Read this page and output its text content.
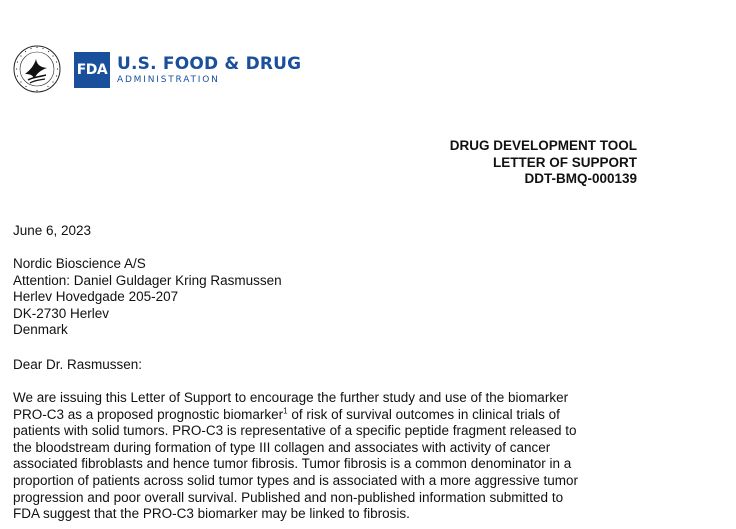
FDA U.S. FOOD & DRUG
ADMINISTRATION
DRUG DEVELOPMENT TOOL
LETTER OF SUPPORT
DDT-BMQ-000139
June 6, 2023
Nordic Bioscience A/S
Attention: Daniel Guldager Kring Rasmussen
Herlev Hovedgade 205-207
DK-2730 Herlev
Denmark
Dear Dr. Rasmussen:
We are issuing this Letter of Support to encourage the further study and use of the biomarker
PRO-C3 as a proposed prognostic biomarker$^1$ of risk of survival outcomes in clinical trials of
patients with solid tumors. PRO-C3 is representative of a specific peptide fragment released to
the bloodstream during formation of type III collagen and associates with activity of cancer
associated fibroblasts and hence tumor fibrosis. Tumor fibrosis is a common denominator in a
proportion of patients across solid tumor types and is associated with a more aggressive tumor
progression and poor overall survival. Published and non-published information submitted to
FDA suggest that the PRO-C3 biomarker may be linked to fibrosis.
